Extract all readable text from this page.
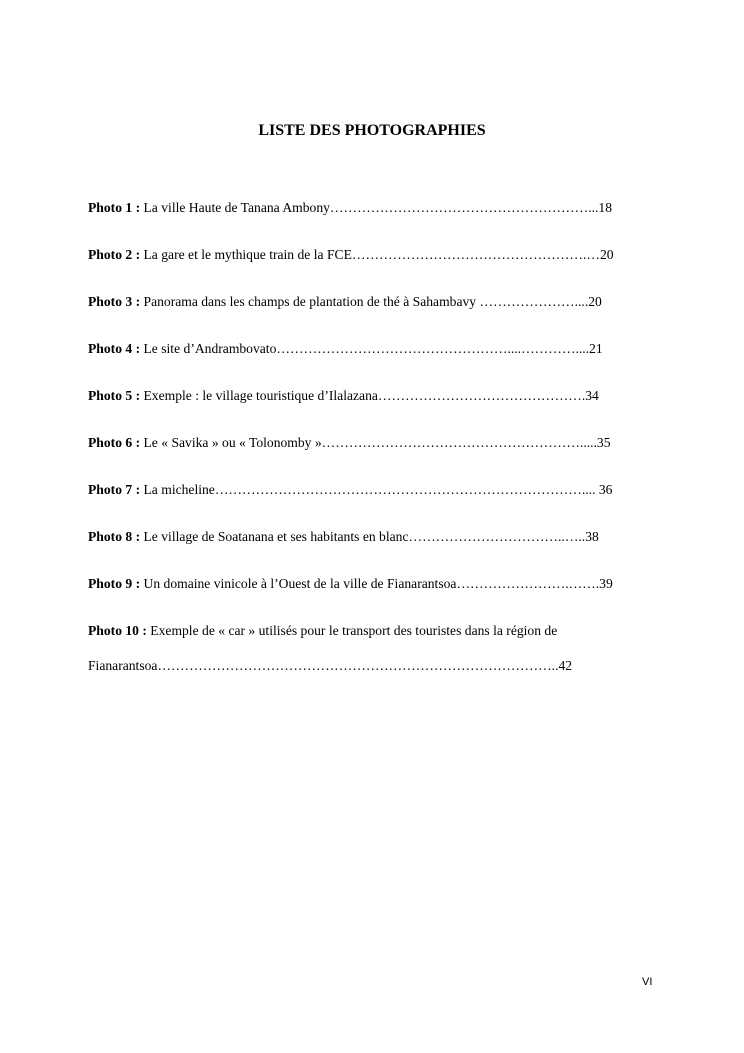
LISTE DES PHOTOGRAPHIES
Photo 1 : La ville Haute de Tanana Ambony…………………………………………………...18
Photo 2 : La gare et le mythique train de la FCE…………………………………………….…20
Photo 3 : Panorama dans les champs de plantation de thé à Sahambavy …………………....20
Photo 4 : Le site d’Andrambovato……………………………………………....…………....21
Photo 5 : Exemple : le village touristique d’Ilalazana……………………………………….34
Photo 6 : Le « Savika » ou « Tolonomby »………………………………………………….....35
Photo 7 : La micheline……………………………………………………………………….... 36
Photo 8 : Le village de Soatanana et ses habitants en blanc……………………………..…..38
Photo 9 : Un domaine vinicole à l’Ouest de la ville de Fianarantsoa…………………….…….39
Photo 10 : Exemple de « car » utilisés pour le transport des touristes dans la région de
Fianarantsoa……………………………………………………………………………..42
VI
